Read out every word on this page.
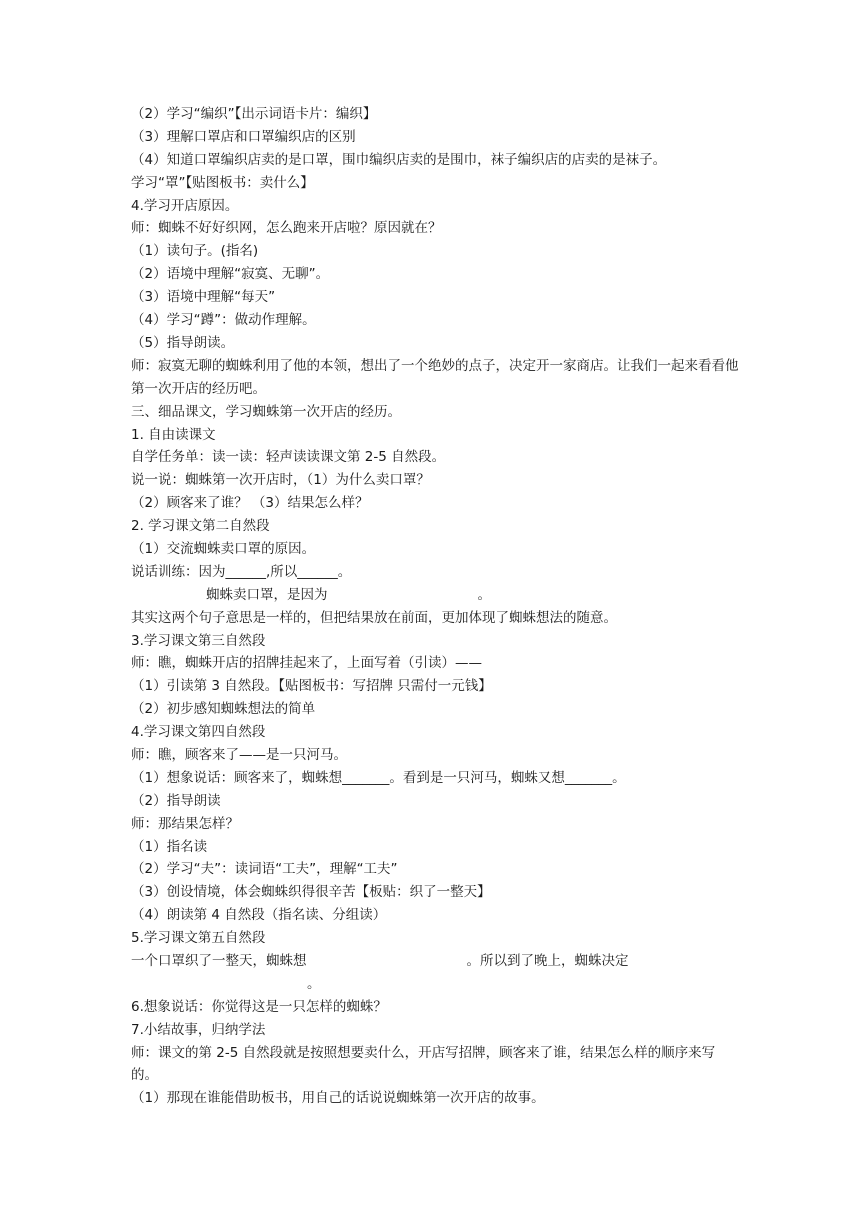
（2）学习“编织”【出示词语卡片：编织】
（3）理解口罩店和口罩编织店的区别
（4）知道口罩编织店卖的是口罩，围巾编织店卖的是围巾，袜子编织店的店卖的是袜子。
学习“罩”【贴图板书：卖什么】
4.学习开店原因。
师：蜘蛛不好好织网，怎么跑来开店啦？原因就在？
（1）读句子。(指名)
（2）语境中理解“寂寞、无聊”。
（3）语境中理解“每天”
（4）学习“蹲”：做动作理解。
（5）指导朗读。
师：寂寞无聊的蜘蛛利用了他的本领，想出了一个绝妙的点子，决定开一家商店。让我们一起来看看他第一次开店的经历吧。
三、细品课文，学习蜘蛛第一次开店的经历。
1. 自由读课文
自学任务单：读一读：轻声读读课文第 2-5 自然段。
说一说：蜘蛛第一次开店时，（1）为什么卖口罩？
（2）顾客来了谁？ （3）结果怎么样？
2. 学习课文第二自然段
（1）交流蜘蛛卖口罩的原因。
说话训练：因为______,所以______。
蜘蛛卖口罩，是因为	。
其实这两个句子意思是一样的，但把结果放在前面，更加体现了蜘蛛想法的随意。
3.学习课文第三自然段
师：瞧，蜘蛛开店的招牌挂起来了，上面写着（引读）——
（1）引读第 3 自然段。【贴图板书：写招牌 只需付一元钱】
（2）初步感知蜘蛛想法的简单
4.学习课文第四自然段
师：瞧，顾客来了——是一只河马。
（1）想象说话：顾客来了，蜘蛛想_______。看到是一只河马，蜘蛛又想_______。
（2）指导朗读
师：那结果怎样？
（1）指名读
（2）学习“夫”：读词语“工夫”，理解“工夫”
（3）创设情境，体会蜘蛛织得很辛苦【板贴：织了一整天】
（4）朗读第 4 自然段（指名读、分组读）
5.学习课文第五自然段
一个口罩织了一整天，蜘蛛想	。所以到了晚上，蜘蛛决定
。
6.想象说话：你觉得这是一只怎样的蜘蛛？
7.小结故事，归纳学法
师：课文的第 2-5 自然段就是按照想要卖什么，开店写招牌，顾客来了谁，结果怎么样的顺序来写的。
（1）那现在谁能借助板书，用自己的话说说蜘蛛第一次开店的故事。
